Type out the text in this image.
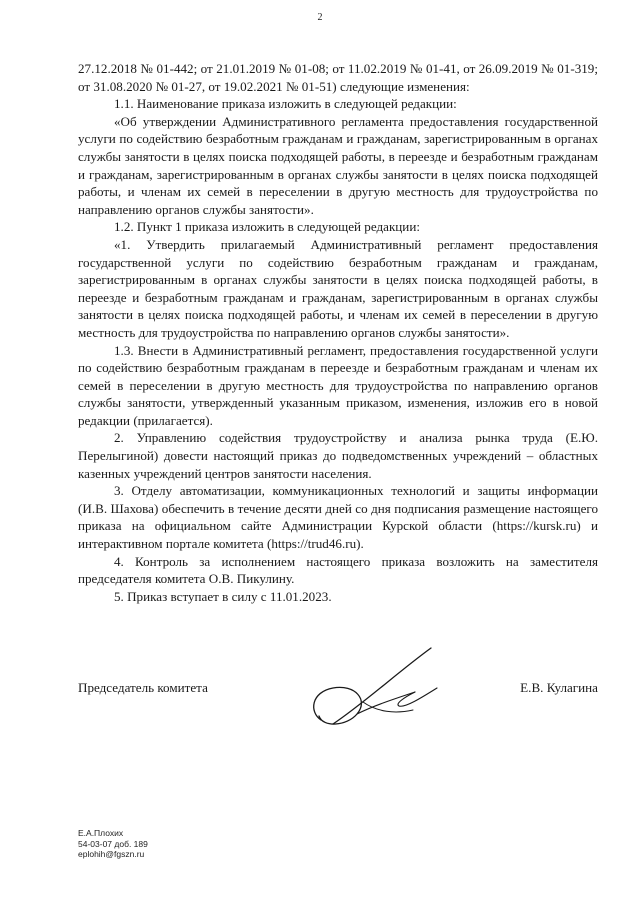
2

27.12.2018 № 01-442; от 21.01.2019 № 01-08; от 11.02.2019 № 01-41, от 26.09.2019 № 01-319; от 31.08.2020 № 01-27, от 19.02.2021 № 01-51) следующие изменения:

1.1. Наименование приказа изложить в следующей редакции:

«Об утверждении Административного регламента предоставления государственной услуги по содействию безработным гражданам и гражданам, зарегистрированным в органах службы занятости в целях поиска подходящей работы, в переезде и безработным гражданам и гражданам, зарегистрированным в органах службы занятости в целях поиска подходящей работы, и членам их семей в переселении в другую местность для трудоустройства по направлению органов службы занятости».

1.2. Пункт 1 приказа изложить в следующей редакции:

«1. Утвердить прилагаемый Административный регламент предоставления государственной услуги по содействию безработным гражданам и гражданам, зарегистрированным в органах службы занятости в целях поиска подходящей работы, в переезде и безработным гражданам и гражданам, зарегистрированным в органах службы занятости в целях поиска подходящей работы, и членам их семей в переселении в другую местность для трудоустройства по направлению органов службы занятости».

1.3. Внести в Административный регламент, предоставления государственной услуги по содействию безработным гражданам в переезде и безработным гражданам и членам их семей в переселении в другую местность для трудоустройства по направлению органов службы занятости, утвержденный указанным приказом, изменения, изложив его в новой редакции (прилагается).

2. Управлению содействия трудоустройству и анализа рынка труда (Е.Ю. Перелыгиной) довести настоящий приказ до подведомственных учреждений – областных казенных учреждений центров занятости населения.

3. Отделу автоматизации, коммуникационных технологий и защиты информации (И.В. Шахова) обеспечить в течение десяти дней со дня подписания размещение настоящего приказа на официальном сайте Администрации Курской области (https://kursk.ru) и интерактивном портале комитета (https://trud46.ru).

4. Контроль за исполнением настоящего приказа возложить на заместителя председателя комитета О.В. Пикулину.

5. Приказ вступает в силу с 11.01.2023.

Председатель комитета	Е.В. Кулагина
Е.А.Плохих
54-03-07 доб. 189
eplohih@fgszn.ru
